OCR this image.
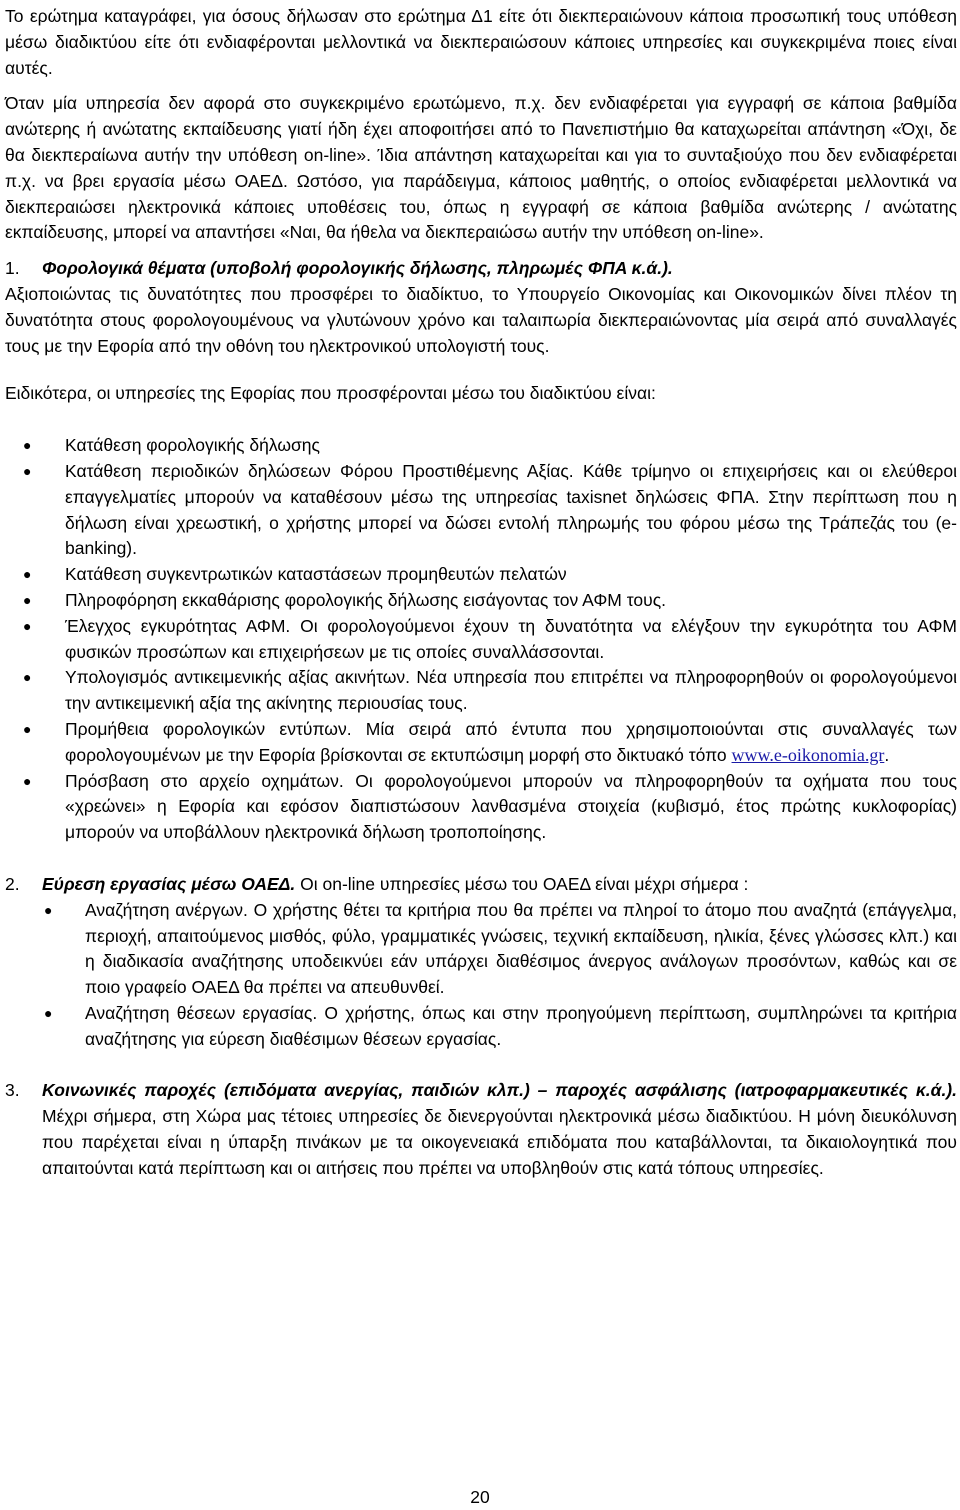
Το ερώτημα καταγράφει, για όσους δήλωσαν στο ερώτημα Δ1 είτε ότι διεκπεραιώνουν κάποια προσωπική τους υπόθεση μέσω διαδικτύου είτε ότι ενδιαφέρονται μελλοντικά να διεκπεραιώσουν κάποιες υπηρεσίες και συγκεκριμένα ποιες είναι αυτές.

Όταν μία υπηρεσία δεν αφορά στο συγκεκριμένο ερωτώμενο, π.χ. δεν ενδιαφέρεται για εγγραφή σε κάποια βαθμίδα ανώτερης ή ανώτατης εκπαίδευσης γιατί ήδη έχει αποφοιτήσει από το Πανεπιστήμιο θα καταχωρείται απάντηση «Όχι, δε θα διεκπεραίωνα αυτήν την υπόθεση on-line». Ίδια απάντηση καταχωρείται και για το συνταξιούχο που δεν ενδιαφέρεται π.χ. να βρει εργασία μέσω ΟΑΕΔ. Ωστόσο, για παράδειγμα, κάποιος μαθητής, ο οποίος ενδιαφέρεται μελλοντικά να διεκπεραιώσει ηλεκτρονικά κάποιες υποθέσεις του, όπως η εγγραφή σε κάποια βαθμίδα ανώτερης / ανώτατης εκπαίδευσης, μπορεί να απαντήσει «Ναι, θα ήθελα να διεκπεραιώσω αυτήν την υπόθεση on-line».

1.	Φορολογικά θέματα (υποβολή φορολογικής δήλωσης, πληρωμές ΦΠΑ κ.ά.).

Αξιοποιώντας τις δυνατότητες που προσφέρει το διαδίκτυο, το Υπουργείο Οικονομίας και Οικονομικών δίνει πλέον τη δυνατότητα στους φορολογουμένους να γλυτώνουν χρόνο και ταλαιπωρία διεκπεραιώνοντας μία σειρά από συναλλαγές τους με την Εφορία από την οθόνη του ηλεκτρονικού υπολογιστή τους.

Ειδικότερα, οι υπηρεσίες της Εφορίας που προσφέρονται μέσω του διαδικτύου είναι:

●	Κατάθεση φορολογικής δήλωσης
●	Κατάθεση περιοδικών δηλώσεων Φόρου Προστιθέμενης Αξίας. Κάθε τρίμηνο οι επιχειρήσεις και οι ελεύθεροι επαγγελματίες μπορούν να καταθέσουν μέσω της υπηρεσίας taxisnet δηλώσεις ΦΠΑ. Στην περίπτωση που η δήλωση είναι χρεωστική, ο χρήστης μπορεί να δώσει εντολή πληρωμής του φόρου μέσω της Τράπεζάς του (e-banking).
●	Κατάθεση συγκεντρωτικών καταστάσεων προμηθευτών πελατών
●	Πληροφόρηση εκκαθάρισης φορολογικής δήλωσης εισάγοντας τον ΑΦΜ τους.
●	Έλεγχος εγκυρότητας ΑΦΜ. Οι φορολογούμενοι έχουν τη δυνατότητα να ελέγξουν την εγκυρότητα του ΑΦΜ φυσικών προσώπων και επιχειρήσεων με τις οποίες συναλλάσσονται.
●	Υπολογισμός αντικειμενικής αξίας ακινήτων. Νέα υπηρεσία που επιτρέπει να πληροφορηθούν οι φορολογούμενοι την αντικειμενική αξία της ακίνητης περιουσίας τους.
●	Προμήθεια φορολογικών εντύπων. Μία σειρά από έντυπα που χρησιμοποιούνται στις συναλλαγές των φορολογουμένων με την Εφορία βρίσκονται σε εκτυπώσιμη μορφή στο δικτυακό τόπο www.e-oikonomia.gr.
●	Πρόσβαση στο αρχείο οχημάτων. Οι φορολογούμενοι μπορούν να πληροφορηθούν τα οχήματα που τους «χρεώνει» η Εφορία και εφόσον διαπιστώσουν λανθασμένα στοιχεία (κυβισμό, έτος πρώτης κυκλοφορίας) μπορούν να υποβάλλουν ηλεκτρονικά δήλωση τροποποίησης.
2.	Εύρεση εργασίας μέσω ΟΑΕΔ. Οι on-line υπηρεσίες μέσω του ΟΑΕΔ είναι μέχρι σήμερα :

●	Αναζήτηση ανέργων. Ο χρήστης θέτει τα κριτήρια που θα πρέπει να πληροί το άτομο που αναζητά (επάγγελμα, περιοχή, απαιτούμενος μισθός, φύλο, γραμματικές γνώσεις, τεχνική εκπαίδευση, ηλικία, ξένες γλώσσες κλπ.) και η διαδικασία αναζήτησης υποδεικνύει εάν υπάρχει διαθέσιμος άνεργος ανάλογων προσόντων, καθώς και σε ποιο γραφείο ΟΑΕΔ θα πρέπει να απευθυνθεί.
●	Αναζήτηση θέσεων εργασίας. Ο χρήστης, όπως και στην προηγούμενη περίπτωση, συμπληρώνει τα κριτήρια αναζήτησης για εύρεση διαθέσιμων θέσεων εργασίας.
3.	Κοινωνικές παροχές (επιδόματα ανεργίας, παιδιών κλπ.) – παροχές ασφάλισης (ιατροφαρμακευτικές κ.ά.). Μέχρι σήμερα, στη Χώρα μας τέτοιες υπηρεσίες δε διενεργούνται ηλεκτρονικά μέσω διαδικτύου. Η μόνη διευκόλυνση που παρέχεται είναι η ύπαρξη πινάκων με τα οικογενειακά επιδόματα που καταβάλλονται, τα δικαιολογητικά που απαιτούνται κατά περίπτωση και οι αιτήσεις που πρέπει να υποβληθούν στις κατά τόπους υπηρεσίες.

20
